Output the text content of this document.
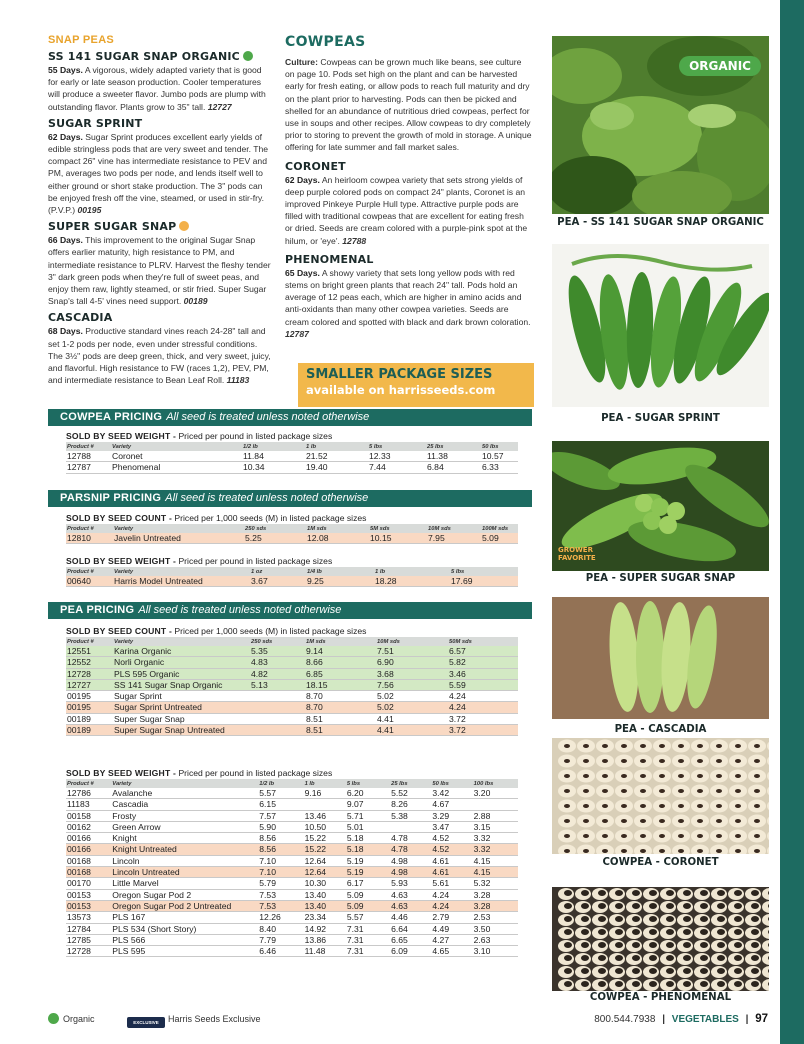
SNAP PEAS
SS 141 SUGAR SNAP ORGANIC
55 Days. A vigorous, widely adapted variety that is good for early or late season production. Cooler temperatures will produce a sweeter flavor. Jumbo pods are plump with outstanding flavor. Plants grow to 35" tall. 12727
SUGAR SPRINT
62 Days. Sugar Sprint produces excellent early yields of edible stringless pods that are very sweet and tender. The compact 26" vine has intermediate resistance to PEV and PM, averages two pods per node, and lends itself well to either ground or short stake production. The 3" pods can be enjoyed fresh off the vine, steamed, or used in stir-fry. (P.V.P.) 00195
SUPER SUGAR SNAP
66 Days. This improvement to the original Sugar Snap offers earlier maturity, high resistance to PM, and intermediate resistance to PLRV. Harvest the fleshy tender 3" dark green pods when they're full of sweet peas, and enjoy them raw, lightly steamed, or stir fried. Super Sugar Snap's tall 4-5' vines need support. 00189
CASCADIA
68 Days. Productive standard vines reach 24-28" tall and set 1-2 pods per node, even under stressful conditions. The 3½" pods are deep green, thick, and very sweet, juicy, and flavorful. High resistance to FW (races 1,2), PEV, PM, and intermediate resistance to Bean Leaf Roll. 11183
COWPEAS
Culture: Cowpeas can be grown much like beans, see culture on page 10. Pods set high on the plant and can be harvested early for fresh eating, or allow pods to reach full maturity and dry on the plant prior to harvesting. Pods can then be picked and shelled for an abundance of nutritious dried cowpeas, perfect for use in soups and other recipes. Allow cowpeas to dry completely prior to storing to prevent the growth of mold in storage. A unique offering for late summer and fall market sales.
CORONET
62 Days. An heirloom cowpea variety that sets strong yields of deep purple colored pods on compact 24" plants, Coronet is an improved Pinkeye Purple Hull type. Attractive purple pods are filled with traditional cowpeas that are excellent for eating fresh or dried. Seeds are cream colored with a purple-pink spot at the hilum, or 'eye'. 12788
PHENOMENAL
65 Days. A showy variety that sets long yellow pods with red stems on bright green plants that reach 24" tall. Pods hold an average of 12 peas each, which are higher in amino acids and anti-oxidants than many other cowpea varieties. Seeds are cream colored and spotted with black and dark brown coloration. 12787
SMALLER PACKAGE SIZES
available on harrisseeds.com
COWPEA PRICING All seed is treated unless noted otherwise
SOLD BY SEED WEIGHT - Priced per pound in listed package sizes
Product #	Variety	1/2 lb	1 lb	5 lbs	25 lbs	50 lbs
12788	Coronet	11.84	21.52	12.33	11.38	10.57
12787	Phenomenal	10.34	19.40	7.44	6.84	6.33
PARSNIP PRICING All seed is treated unless noted otherwise
SOLD BY SEED COUNT - Priced per 1,000 seeds (M) in listed package sizes
Product #	Variety	250 sds	1M sds	5M sds	10M sds	100M sds
12810	Javelin Untreated	5.25	12.08	10.15	7.95	5.09
SOLD BY SEED WEIGHT - Priced per pound in listed package sizes
Product #	Variety	1 oz	1/4 lb	1 lb	5 lbs
00640	Harris Model Untreated	3.67	9.25	18.28	17.69
PEA PRICING All seed is treated unless noted otherwise
SOLD BY SEED COUNT - Priced per 1,000 seeds (M) in listed package sizes
Product #	Variety	250 sds	1M sds	10M sds	50M sds
12551	Karina Organic	5.35	9.14	7.51	6.57
12552	Norli Organic	4.83	8.66	6.90	5.82
12728	PLS 595 Organic	4.82	6.85	3.68	3.46
12727	SS 141 Sugar Snap Organic	5.13	18.15	7.56	5.59
00195	Sugar Sprint		8.70	5.02	4.24
00195	Sugar Sprint Untreated		8.70	5.02	4.24
00189	Super Sugar Snap		8.51	4.41	3.72
00189	Super Sugar Snap Untreated		8.51	4.41	3.72
SOLD BY SEED WEIGHT - Priced per pound in listed package sizes
Product #	Variety	1/2 lb	1 lb	5 lbs	25 lbs	50 lbs	100 lbs
12786	Avalanche	5.57	9.16	6.20	5.52	3.42	3.20
11183	Cascadia	6.15		9.07	8.26	4.67	
00158	Frosty	7.57	13.46	5.71	5.38	3.29	2.88
00162	Green Arrow	5.90	10.50	5.01		3.47	3.15
00166	Knight	8.56	15.22	5.18	4.78	4.52	3.32
00166	Knight Untreated	8.56	15.22	5.18	4.78	4.52	3.32
00168	Lincoln	7.10	12.64	5.19	4.98	4.61	4.15
00168	Lincoln Untreated	7.10	12.64	5.19	4.98	4.61	4.15
00170	Little Marvel	5.79	10.30	6.17	5.93	5.61	5.32
00153	Oregon Sugar Pod 2	7.53	13.40	5.09	4.63	4.24	3.28
00153	Oregon Sugar Pod 2 Untreated	7.53	13.40	5.09	4.63	4.24	3.28
13573	PLS 167	12.26	23.34	5.57	4.46	2.79	2.53
12784	PLS 534 (Short Story)	8.40	14.92	7.31	6.64	4.49	3.50
12785	PLS 566	7.79	13.86	7.31	6.65	4.27	2.63
12728	PLS 595	6.46	11.48	7.31	6.09	4.65	3.10
ORGANIC
PEA - SS 141 SUGAR SNAP ORGANIC
PEA - SUGAR SPRINT
GROWER FAVORITE
PEA - SUPER SUGAR SNAP
PEA - CASCADIA
COWPEA - CORONET
COWPEA - PHENOMENAL
Organic	EXCLUSIVE Harris Seeds Exclusive	800.544.7938 | VEGETABLES | 97
